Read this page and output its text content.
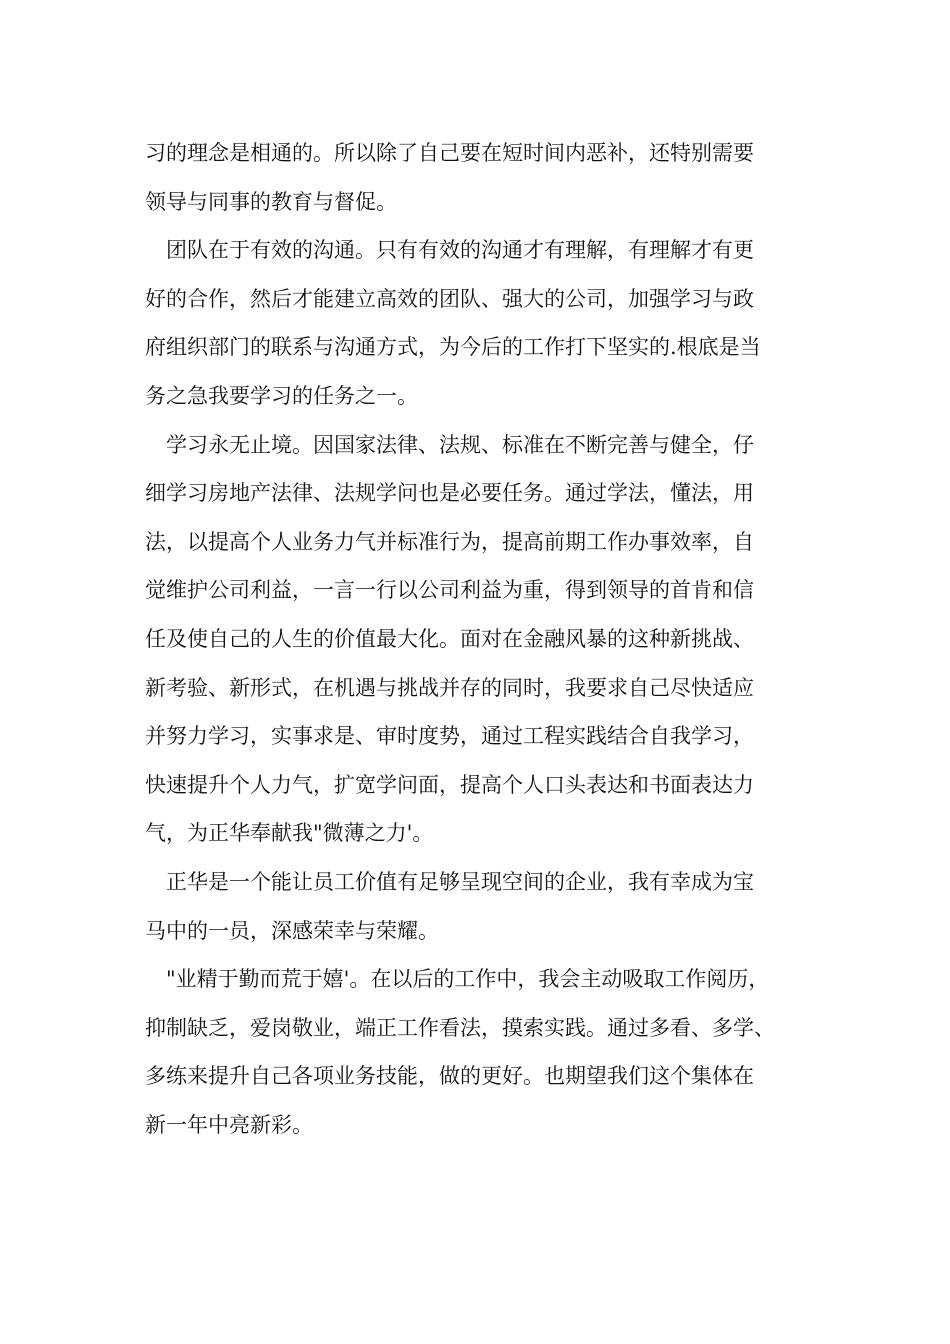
习的理念是相通的。所以除了自己要在短时间内恶补，还特别需要
领导与同事的教育与督促。
团队在于有效的沟通。只有有效的沟通才有理解，有理解才有更
好的合作，然后才能建立高效的团队、强大的公司，加强学习与政
府组织部门的联系与沟通方式，为今后的工作打下坚实的.根底是当
务之急我要学习的任务之一。
学习永无止境。因国家法律、法规、标准在不断完善与健全，仔
细学习房地产法律、法规学问也是必要任务。通过学法，懂法，用
法，以提高个人业务力气并标准行为，提高前期工作办事效率，自
觉维护公司利益，一言一行以公司利益为重，得到领导的首肯和信
任及使自己的人生的价值最大化。面对在金融风暴的这种新挑战、
新考验、新形式，在机遇与挑战并存的同时，我要求自己尽快适应
并努力学习，实事求是、审时度势，通过工程实践结合自我学习，
快速提升个人力气，扩宽学问面，提高个人口头表达和书面表达力
气，为正华奉献我"微薄之力'。
正华是一个能让员工价值有足够呈现空间的企业，我有幸成为宝
马中的一员，深感荣幸与荣耀。
"业精于勤而荒于嬉'。在以后的工作中，我会主动吸取工作阅历，
抑制缺乏，爱岗敬业，端正工作看法，摸索实践。通过多看、多学、
多练来提升自己各项业务技能，做的更好。也期望我们这个集体在
新一年中亮新彩。
